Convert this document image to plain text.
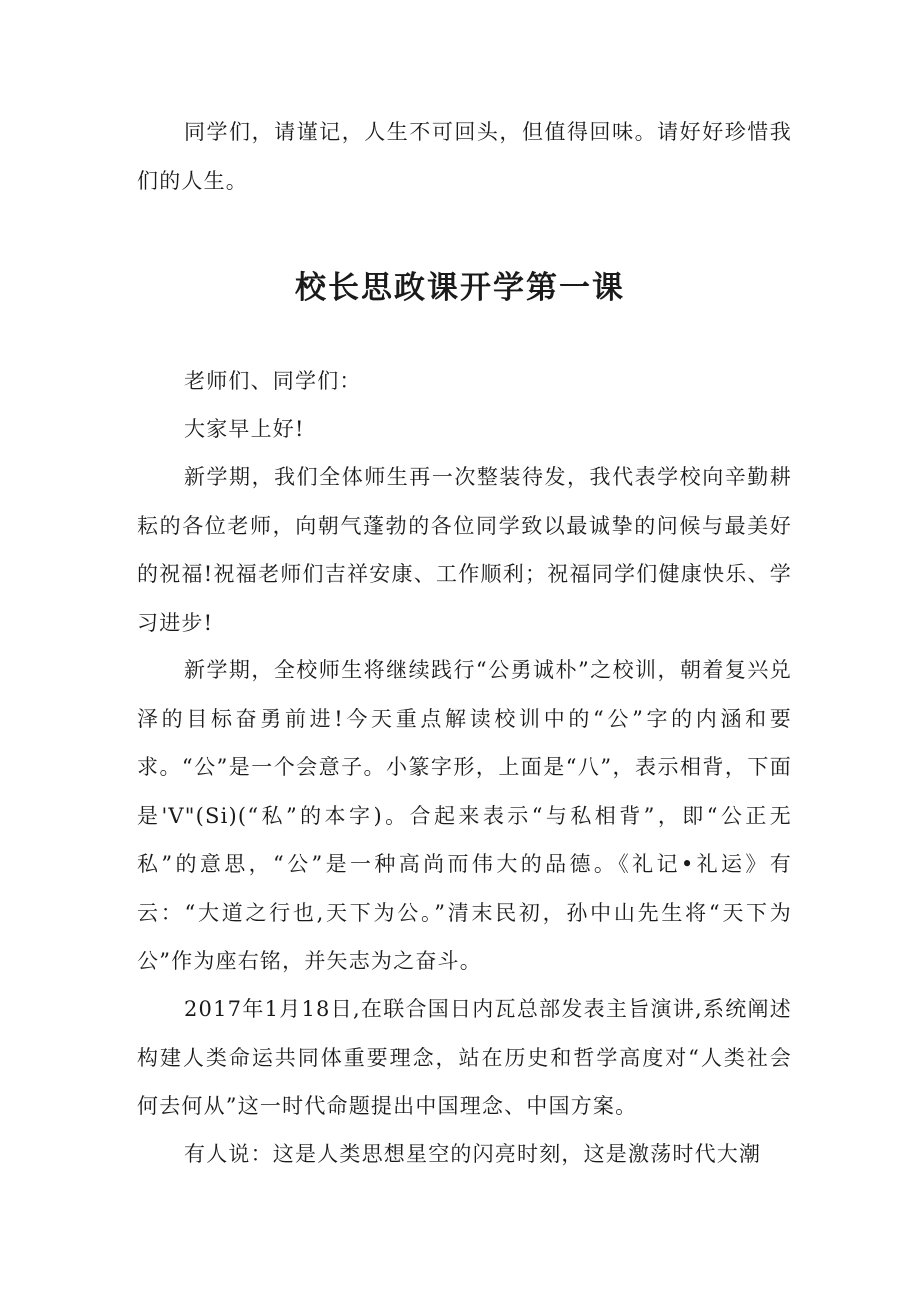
同学们，请谨记，人生不可回头，但值得回味。请好好珍惜我们的人生。

校长思政课开学第一课

老师们、同学们：

大家早上好!

新学期，我们全体师生再一次整装待发，我代表学校向辛勤耕耘的各位老师，向朝气蓬勃的各位同学致以最诚挚的问候与最美好的祝福!祝福老师们吉祥安康、工作顺利；祝福同学们健康快乐、学习进步!

新学期，全校师生将继续践行“公勇诚朴”之校训，朝着复兴兑泽的目标奋勇前进!今天重点解读校训中的“公”字的内涵和要求。“公”是一个会意子。小篆字形，上面是“八”，表示相背，下面是'V"(Si)(“私”的本字)。合起来表示“与私相背”，即“公正无私”的意思，“公”是一种高尚而伟大的品德。《礼记•礼运》有云：“大道之行也,天下为公。”清末民初，孙中山先生将“天下为公”作为座右铭，并矢志为之奋斗。

2017年1月18日,在联合国日内瓦总部发表主旨演讲,系统阐述构建人类命运共同体重要理念，站在历史和哲学高度对“人类社会何去何从”这一时代命题提出中国理念、中国方案。

有人说：这是人类思想星空的闪亮时刻，这是激荡时代大潮
